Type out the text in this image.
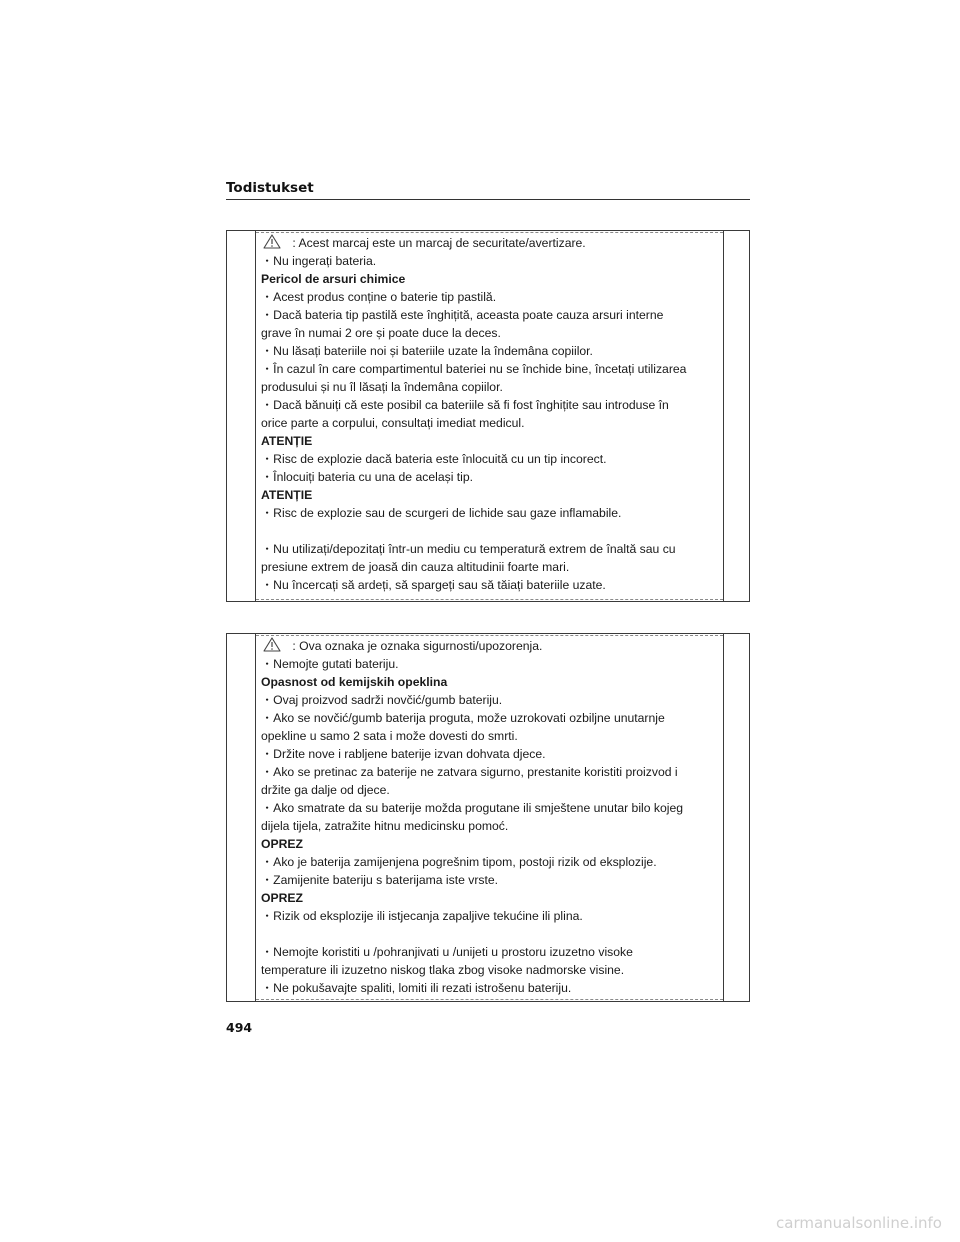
Todistukset
: Acest marcaj este un marcaj de securitate/avertizare.
・Nu ingerați bateria.
Pericol de arsuri chimice
・Acest produs conține o baterie tip pastilă.
・Dacă bateria tip pastilă este înghițită, aceasta poate cauza arsuri interne
grave în numai 2 ore și poate duce la deces.
・Nu lăsați bateriile noi și bateriile uzate la îndemâna copiilor.
・În cazul în care compartimentul bateriei nu se închide bine, încetați utilizarea
produsului și nu îl lăsați la îndemâna copiilor.
・Dacă bănuiți că este posibil ca bateriile să fi fost înghițite sau introduse în
orice parte a corpului, consultați imediat medicul.
ATENȚIE
・Risc de explozie dacă bateria este înlocuită cu un tip incorect.
・Înlocuiți bateria cu una de același tip.
ATENȚIE
・Risc de explozie sau de scurgeri de lichide sau gaze inflamabile.
・Nu utilizați/depozitați într-un mediu cu temperatură extrem de înaltă sau cu
presiune extrem de joasă din cauza altitudinii foarte mari.
・Nu încercați să ardeți, să spargeți sau să tăiați bateriile uzate.
: Ova oznaka je oznaka sigurnosti/upozorenja.
・Nemojte gutati bateriju.
Opasnost od kemijskih opeklina
・Ovaj proizvod sadrži novčić/gumb bateriju.
・Ako se novčić/gumb baterija proguta, može uzrokovati ozbiljne unutarnje
opekline u samo 2 sata i može dovesti do smrti.
・Držite nove i rabljene baterije izvan dohvata djece.
・Ako se pretinac za baterije ne zatvara sigurno, prestanite koristiti proizvod i
držite ga dalje od djece.
・Ako smatrate da su baterije možda progutane ili smještene unutar bilo kojeg
dijela tijela, zatražite hitnu medicinsku pomoć.
OPREZ
・Ako je baterija zamijenjena pogrešnim tipom, postoji rizik od eksplozije.
・Zamijenite bateriju s baterijama iste vrste.
OPREZ
・Rizik od eksplozije ili istjecanja zapaljive tekućine ili plina.
・Nemojte koristiti u /pohranjivati u /unijeti u prostoru izuzetno visoke
temperature ili izuzetno niskog tlaka zbog visoke nadmorske visine.
・Ne pokušavajte spaliti, lomiti ili rezati istrošenu bateriju.
494
carmanualsonline.info
